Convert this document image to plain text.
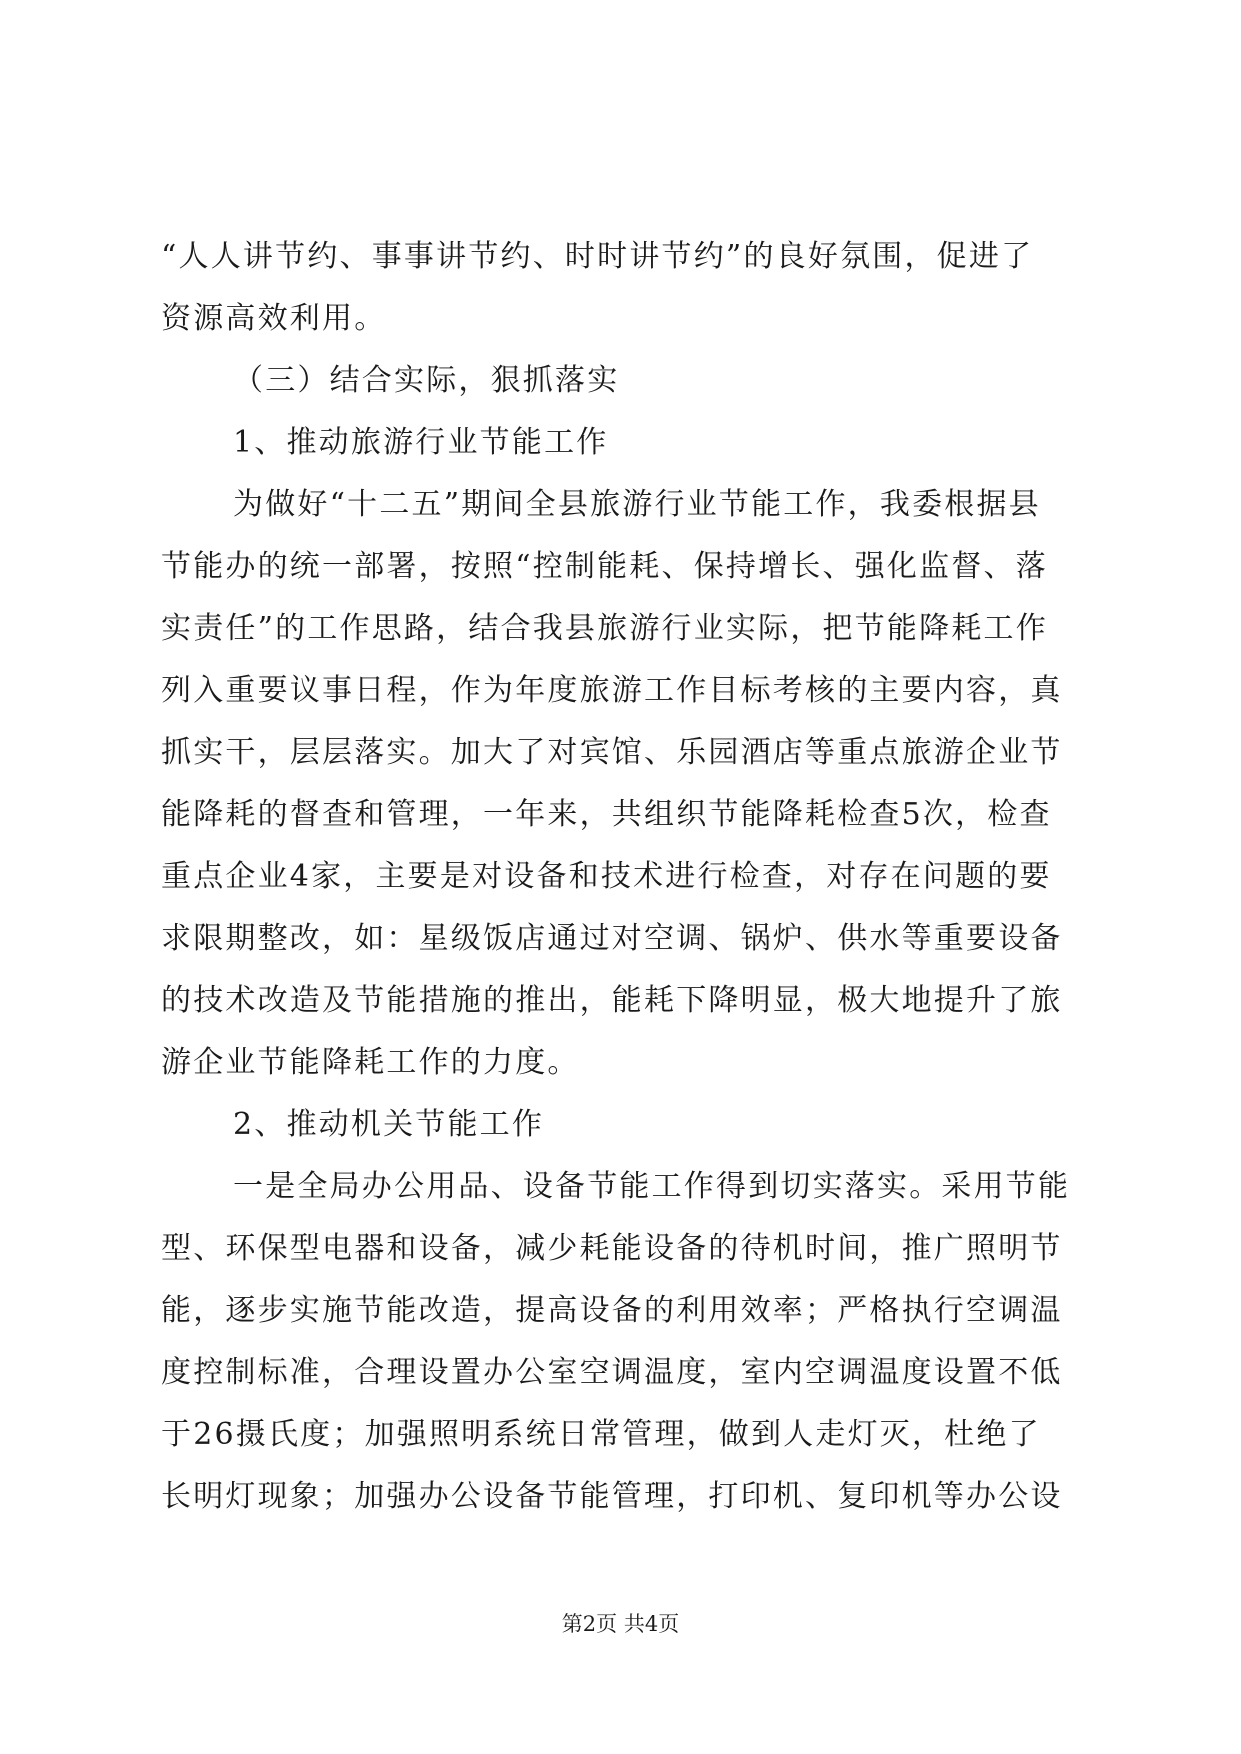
“人人讲节约、事事讲节约、时时讲节约”的良好氛围，促进了
资源高效利用。
（三）结合实际，狠抓落实
1、推动旅游行业节能工作
为做好“十二五”期间全县旅游行业节能工作，我委根据县
节能办的统一部署，按照“控制能耗、保持增长、强化监督、落
实责任”的工作思路，结合我县旅游行业实际，把节能降耗工作
列入重要议事日程，作为年度旅游工作目标考核的主要内容，真
抓实干，层层落实。加大了对宾馆、乐园酒店等重点旅游企业节
能降耗的督查和管理，一年来，共组织节能降耗检查5次，检查
重点企业4家，主要是对设备和技术进行检查，对存在问题的要
求限期整改，如：星级饭店通过对空调、锅炉、供水等重要设备
的技术改造及节能措施的推出，能耗下降明显，极大地提升了旅
游企业节能降耗工作的力度。
2、推动机关节能工作
一是全局办公用品、设备节能工作得到切实落实。采用节能
型、环保型电器和设备，减少耗能设备的待机时间，推广照明节
能，逐步实施节能改造，提高设备的利用效率；严格执行空调温
度控制标准，合理设置办公室空调温度，室内空调温度设置不低
于26摄氏度；加强照明系统日常管理，做到人走灯灭，杜绝了
长明灯现象；加强办公设备节能管理，打印机、复印机等办公设
第2页 共4页
